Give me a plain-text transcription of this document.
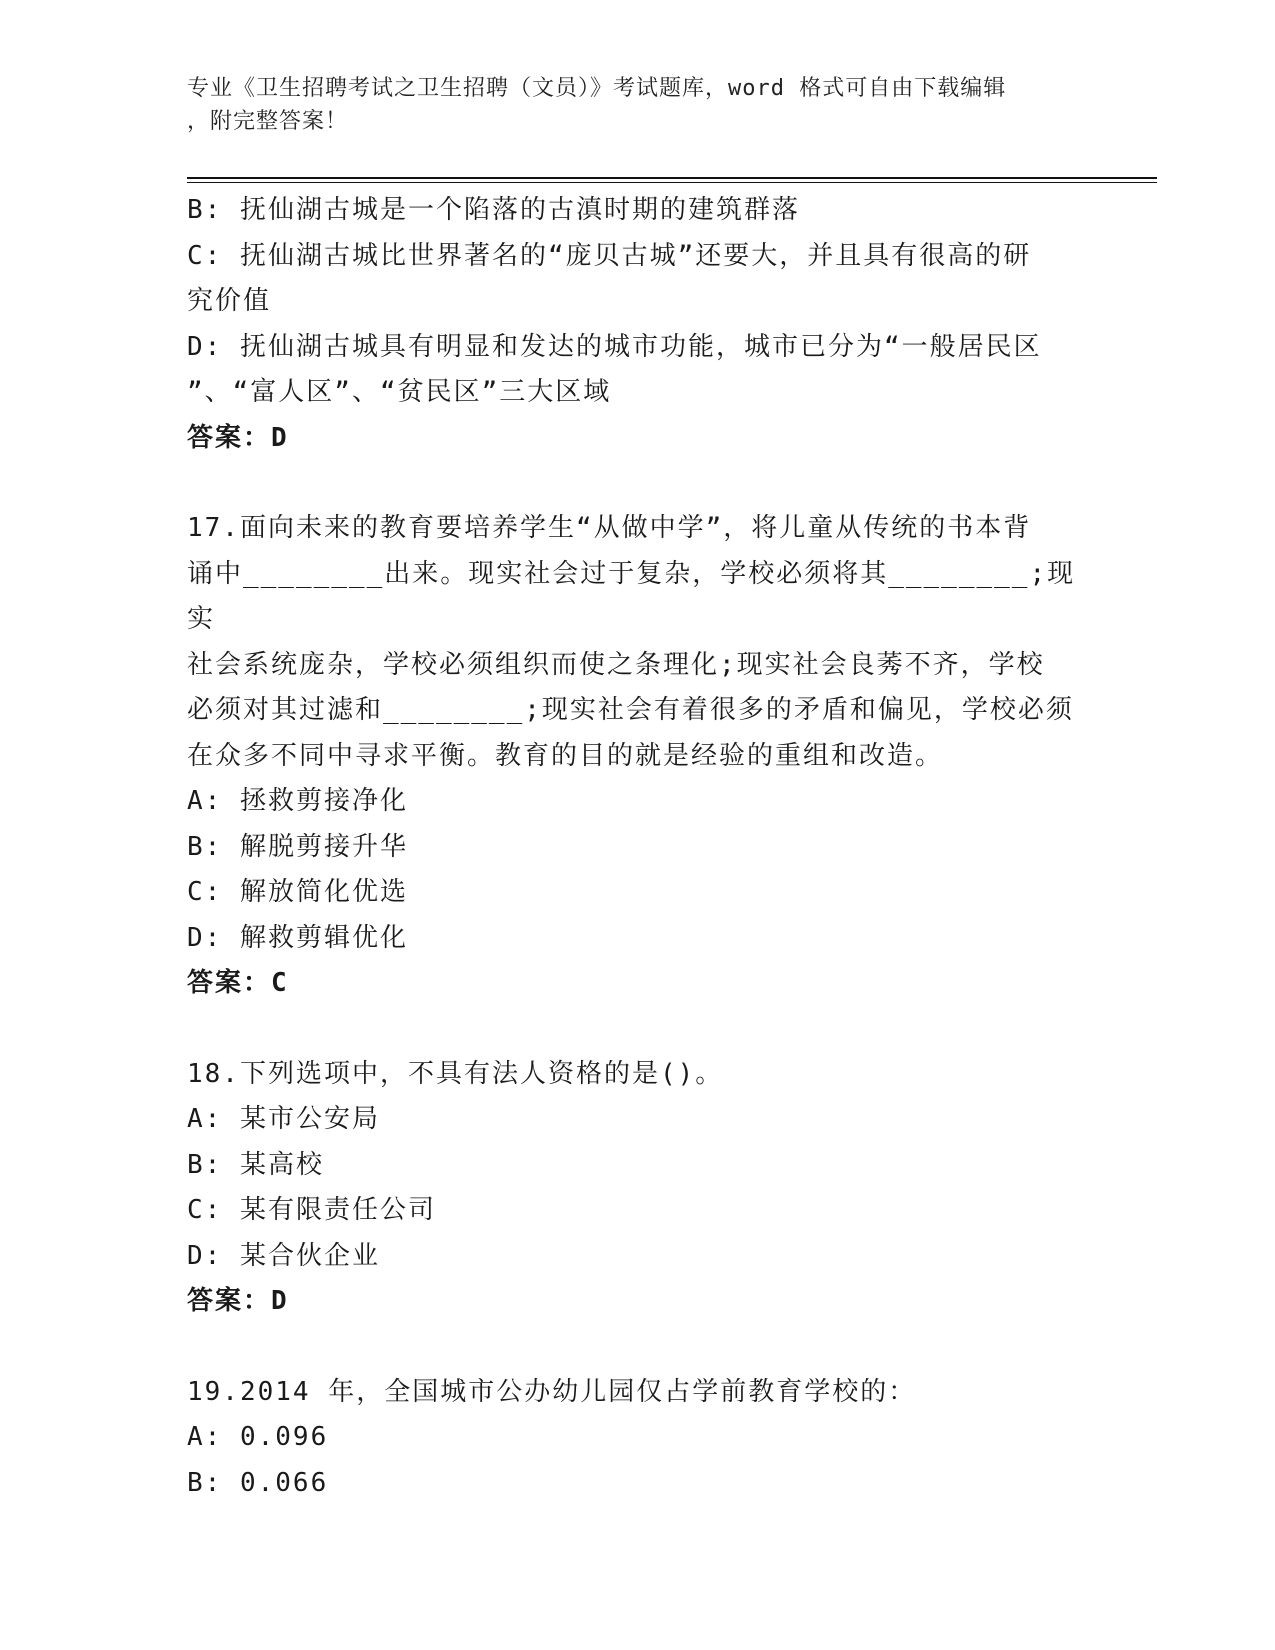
专业《卫生招聘考试之卫生招聘（文员）》考试题库，word 格式可自由下载编辑
，附完整答案！
B: 抚仙湖古城是一个陷落的古滇时期的建筑群落
C: 抚仙湖古城比世界著名的“庞贝古城”还要大，并且具有很高的研
究价值
D: 抚仙湖古城具有明显和发达的城市功能，城市已分为“一般居民区
”、“富人区”、“贫民区”三大区域
答案：D
17.面向未来的教育要培养学生“从做中学”，将儿童从传统的书本背
诵中________出来。现实社会过于复杂，学校必须将其________;现实
社会系统庞杂，学校必须组织而使之条理化;现实社会良莠不齐，学校
必须对其过滤和________;现实社会有着很多的矛盾和偏见，学校必须
在众多不同中寻求平衡。教育的目的就是经验的重组和改造。
A: 拯救剪接净化
B: 解脱剪接升华
C: 解放简化优选
D: 解救剪辑优化
答案：C
18.下列选项中，不具有法人资格的是()。
A: 某市公安局
B: 某高校
C: 某有限责任公司
D: 某合伙企业
答案：D
19.2014 年，全国城市公办幼儿园仅占学前教育学校的：
A: 0.096
B: 0.066
